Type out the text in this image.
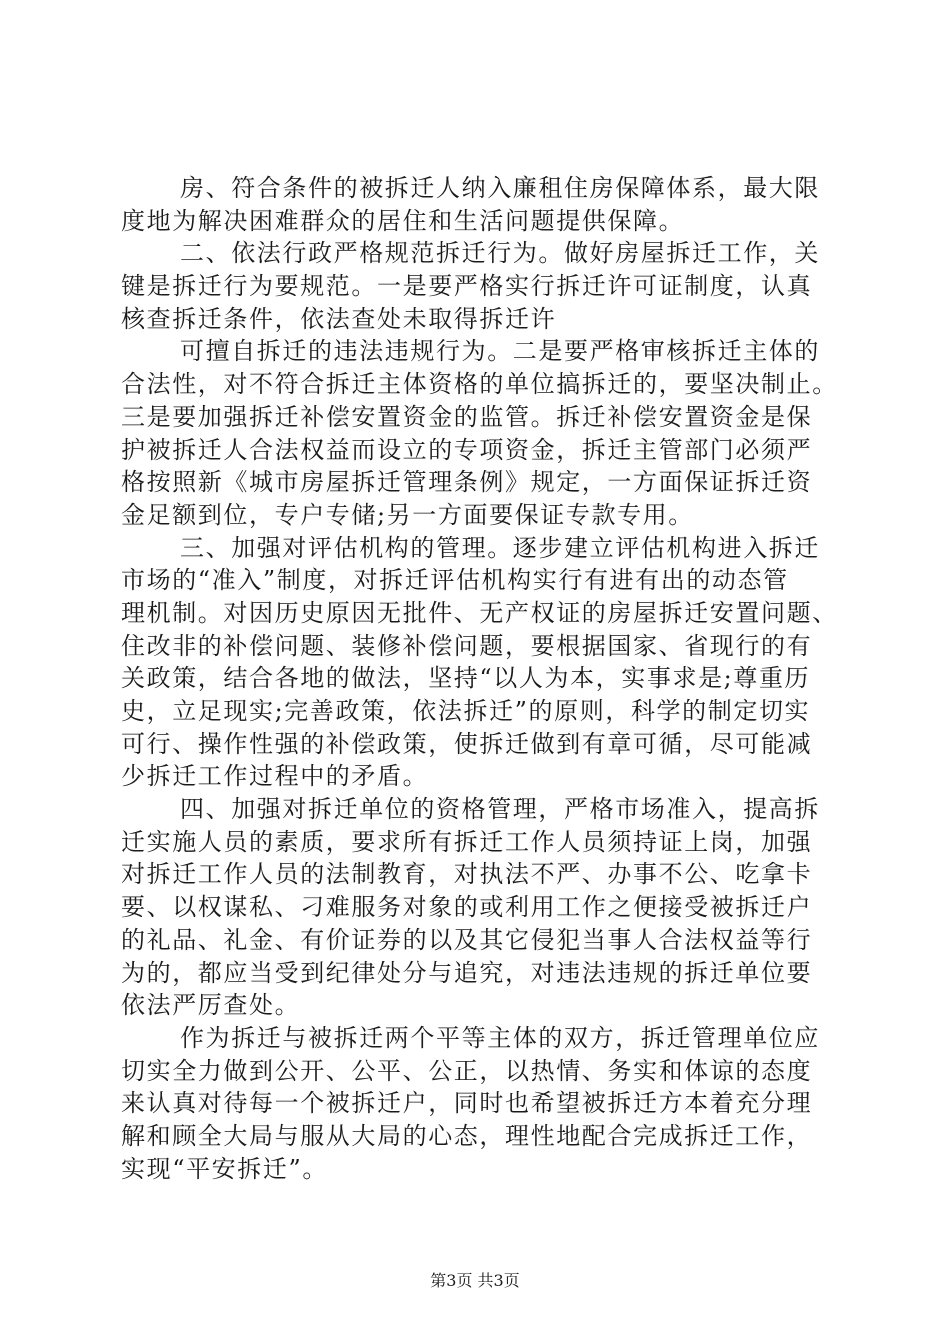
房、符合条件的被拆迁人纳入廉租住房保障体系，最大限
度地为解决困难群众的居住和生活问题提供保障。
二、依法行政严格规范拆迁行为。做好房屋拆迁工作，关
键是拆迁行为要规范。一是要严格实行拆迁许可证制度，认真
核查拆迁条件，依法查处未取得拆迁许
可擅自拆迁的违法违规行为。二是要严格审核拆迁主体的
合法性，对不符合拆迁主体资格的单位搞拆迁的，要坚决制止。
三是要加强拆迁补偿安置资金的监管。拆迁补偿安置资金是保
护被拆迁人合法权益而设立的专项资金，拆迁主管部门必须严
格按照新《城市房屋拆迁管理条例》规定，一方面保证拆迁资
金足额到位，专户专储;另一方面要保证专款专用。
三、加强对评估机构的管理。逐步建立评估机构进入拆迁
市场的“准入”制度，对拆迁评估机构实行有进有出的动态管
理机制。对因历史原因无批件、无产权证的房屋拆迁安置问题、
住改非的补偿问题、装修补偿问题，要根据国家、省现行的有
关政策，结合各地的做法，坚持“以人为本，实事求是;尊重历
史，立足现实;完善政策，依法拆迁”的原则，科学的制定切实
可行、操作性强的补偿政策，使拆迁做到有章可循，尽可能减
少拆迁工作过程中的矛盾。
四、加强对拆迁单位的资格管理，严格市场准入，提高拆
迁实施人员的素质，要求所有拆迁工作人员须持证上岗，加强
对拆迁工作人员的法制教育，对执法不严、办事不公、吃拿卡
要、以权谋私、刁难服务对象的或利用工作之便接受被拆迁户
的礼品、礼金、有价证券的以及其它侵犯当事人合法权益等行
为的，都应当受到纪律处分与追究，对违法违规的拆迁单位要
依法严厉查处。
作为拆迁与被拆迁两个平等主体的双方，拆迁管理单位应
切实全力做到公开、公平、公正，以热情、务实和体谅的态度
来认真对待每一个被拆迁户，同时也希望被拆迁方本着充分理
解和顾全大局与服从大局的心态，理性地配合完成拆迁工作，
实现“平安拆迁”。
第3页 共3页
